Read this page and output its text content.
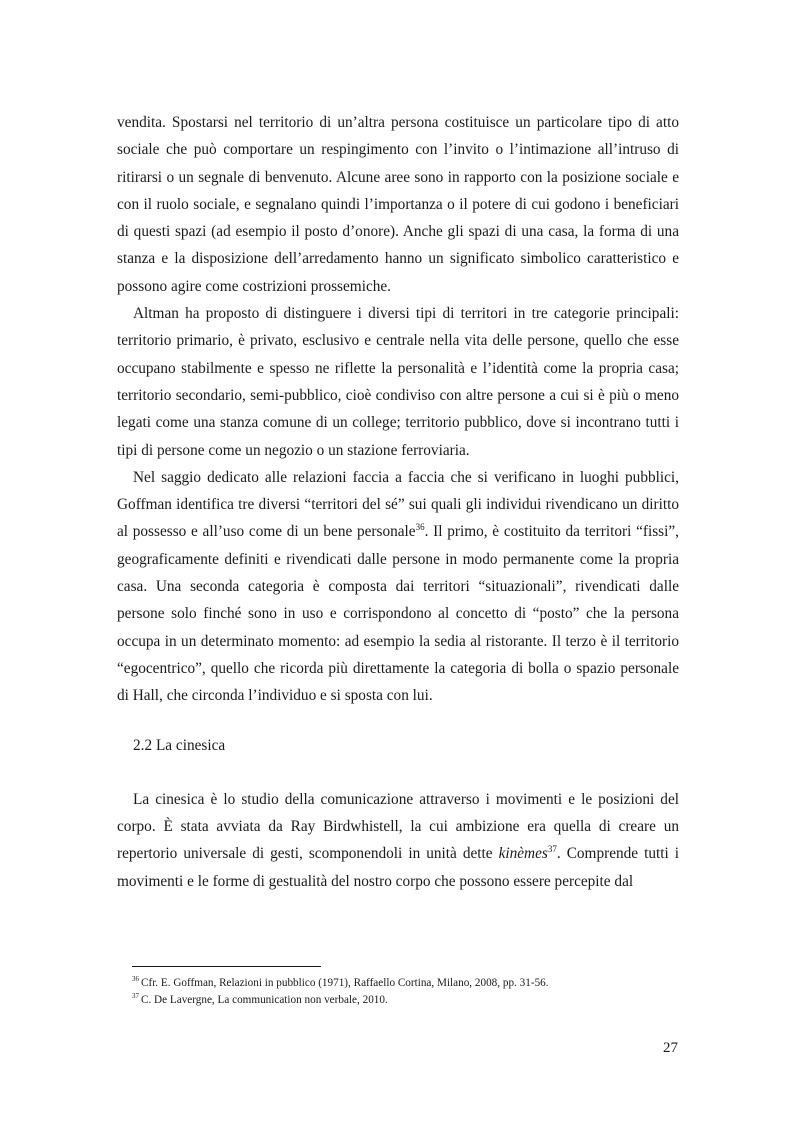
vendita. Spostarsi nel territorio di un’altra persona costituisce un particolare tipo di atto sociale che può comportare un respingimento con l’invito o l’intimazione all’intruso di ritirarsi o un segnale di benvenuto. Alcune aree sono in rapporto con la posizione sociale e con il ruolo sociale, e segnalano quindi l’importanza o il potere di cui godono i beneficiari di questi spazi (ad esempio il posto d’onore). Anche gli spazi di una casa, la forma di una stanza e la disposizione dell’arredamento hanno un significato simbolico caratteristico e possono agire come costrizioni prossemiche.

Altman ha proposto di distinguere i diversi tipi di territori in tre categorie principali: territorio primario, è privato, esclusivo e centrale nella vita delle persone, quello che esse occupano stabilmente e spesso ne riflette la personalità e l’identità come la propria casa; territorio secondario, semi-pubblico, cioè condiviso con altre persone a cui si è più o meno legati come una stanza comune di un college; territorio pubblico, dove si incontrano tutti i tipi di persone come un negozio o un stazione ferroviaria.

Nel saggio dedicato alle relazioni faccia a faccia che si verificano in luoghi pubblici, Goffman identifica tre diversi “territori del sé” sui quali gli individui rivendicano un diritto al possesso e all’uso come di un bene personale$^{36}$. Il primo, è costituito da territori “fissi”, geograficamente definiti e rivendicati dalle persone in modo permanente come la propria casa. Una seconda categoria è composta dai territori “situazionali”, rivendicati dalle persone solo finché sono in uso e corrispondono al concetto di “posto” che la persona occupa in un determinato momento: ad esempio la sedia al ristorante. Il terzo è il territorio “egocentrico”, quello che ricorda più direttamente la categoria di bolla o spazio personale di Hall, che circonda l’individuo e si sposta con lui.

2.2 La cinesica

La cinesica è lo studio della comunicazione attraverso i movimenti e le posizioni del corpo. È stata avviata da Ray Birdwhistell, la cui ambizione era quella di creare un repertorio universale di gesti, scomponendoli in unità dette kinèmes$^{37}$. Comprende tutti i movimenti e le forme di gestualità del nostro corpo che possono essere percepite dal

$^{36}$ Cfr. E. Goffman, Relazioni in pubblico (1971), Raffaello Cortina, Milano, 2008, pp. 31-56.

$^{37}$ C. De Lavergne, La communication non verbale, 2010.

27
